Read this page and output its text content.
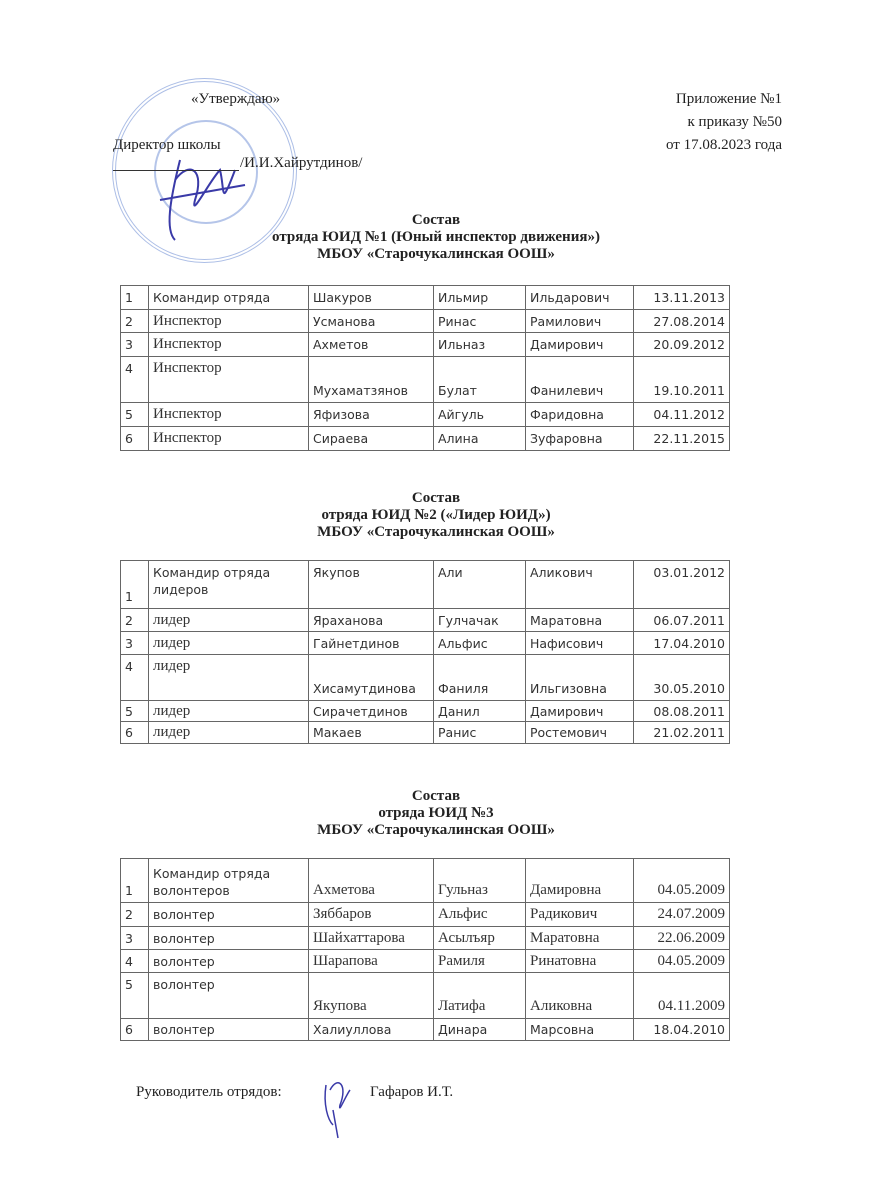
«Утверждаю»
Директор школы
/И.И.Хайрутдинов/
Приложение №1
к приказу №50
от 17.08.2023 года
Состав
отряда ЮИД №1 (Юный инспектор движения»)
МБОУ «Старочукалинская ООШ»
1	Командир отряда	Шакуров	Ильмир	Ильдарович	13.11.2013
2	Инспектор	Усманова	Ринас	Рамилович	27.08.2014
3	Инспектор	Ахметов	Ильназ	Дамирович	20.09.2012
4	Инспектор	Мухаматзянов	Булат	Фанилевич	19.10.2011
5	Инспектор	Яфизова	Айгуль	Фаридовна	04.11.2012
6	Инспектор	Сираева	Алина	Зуфаровна	22.11.2015
Состав
отряда ЮИД №2 («Лидер ЮИД»)
МБОУ «Старочукалинская ООШ»
1	Командир отряда лидеров	Якупов	Али	Аликович	03.01.2012
2	лидер	Яраханова	Гулчачак	Маратовна	06.07.2011
3	лидер	Гайнетдинов	Альфис	Нафисович	17.04.2010
4	лидер	Хисамутдинова	Фаниля	Ильгизовна	30.05.2010
5	лидер	Сирачетдинов	Данил	Дамирович	08.08.2011
6	лидер	Макаев	Ранис	Ростемович	21.02.2011
Состав
отряда ЮИД №3
МБОУ «Старочукалинская ООШ»
1	Командир отряда волонтеров	Ахметова	Гульназ	Дамировна	04.05.2009
2	волонтер	Зяббаров	Альфис	Радикович	24.07.2009
3	волонтер	Шайхаттарова	Асылъяр	Маратовна	22.06.2009
4	волонтер	Шарапова	Рамиля	Ринатовна	04.05.2009
5	волонтер	Якупова	Латифа	Аликовна	04.11.2009
6	волонтер	Халиуллова	Динара	Марсовна	18.04.2010
Руководитель отрядов:	Гафаров И.Т.
